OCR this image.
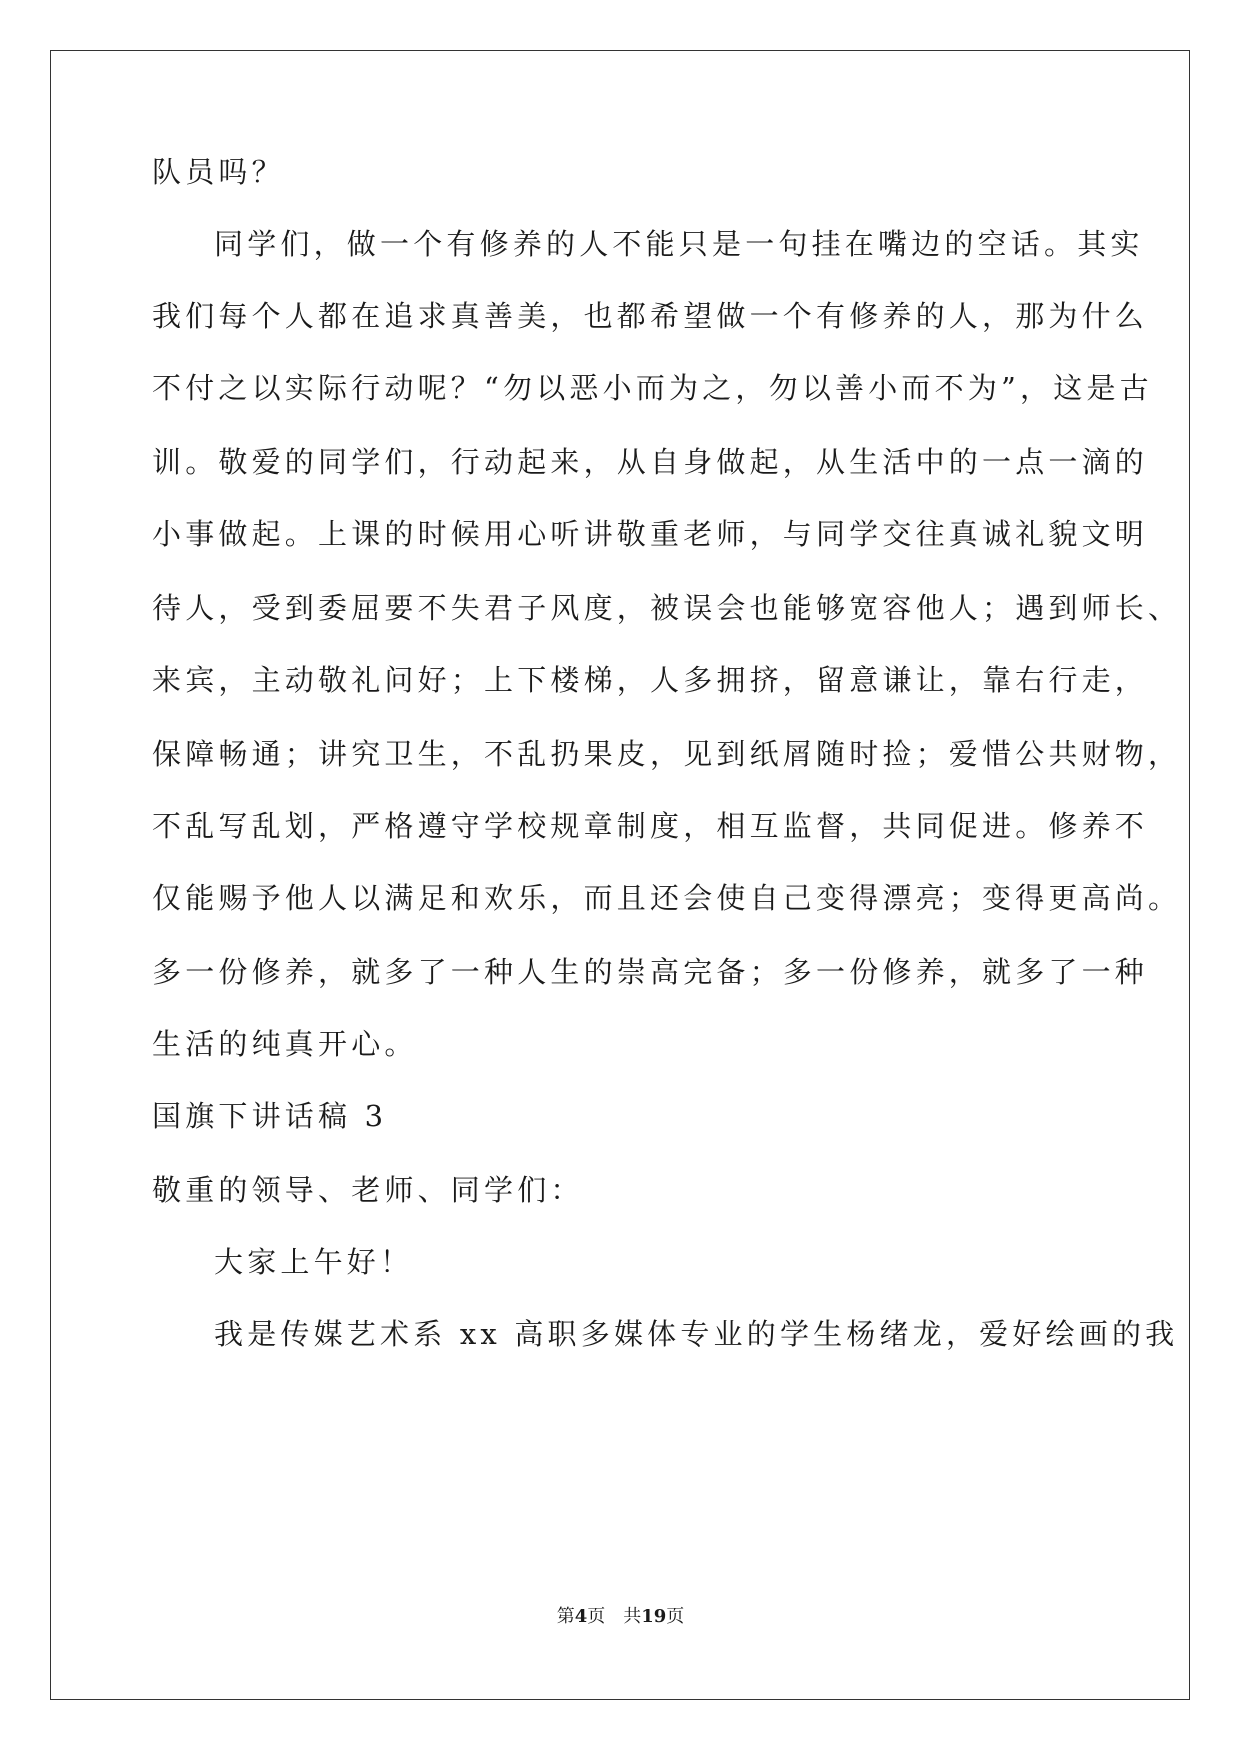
队员吗？
同学们，做一个有修养的人不能只是一句挂在嘴边的空话。其实
我们每个人都在追求真善美，也都希望做一个有修养的人，那为什么
不付之以实际行动呢？“勿以恶小而为之，勿以善小而不为”，这是古
训。敬爱的同学们，行动起来，从自身做起，从生活中的一点一滴的
小事做起。上课的时候用心听讲敬重老师，与同学交往真诚礼貌文明
待人，受到委屈要不失君子风度，被误会也能够宽容他人；遇到师长、
来宾，主动敬礼问好；上下楼梯，人多拥挤，留意谦让，靠右行走，
保障畅通；讲究卫生，不乱扔果皮，见到纸屑随时捡；爱惜公共财物，
不乱写乱划，严格遵守学校规章制度，相互监督，共同促进。修养不
仅能赐予他人以满足和欢乐，而且还会使自己变得漂亮；变得更高尚。
多一份修养，就多了一种人生的崇高完备；多一份修养，就多了一种
生活的纯真开心。
国旗下讲话稿 3
敬重的领导、老师、同学们：
大家上午好！
我是传媒艺术系 xx 高职多媒体专业的学生杨绪龙，爱好绘画的我
第4页 共19页
